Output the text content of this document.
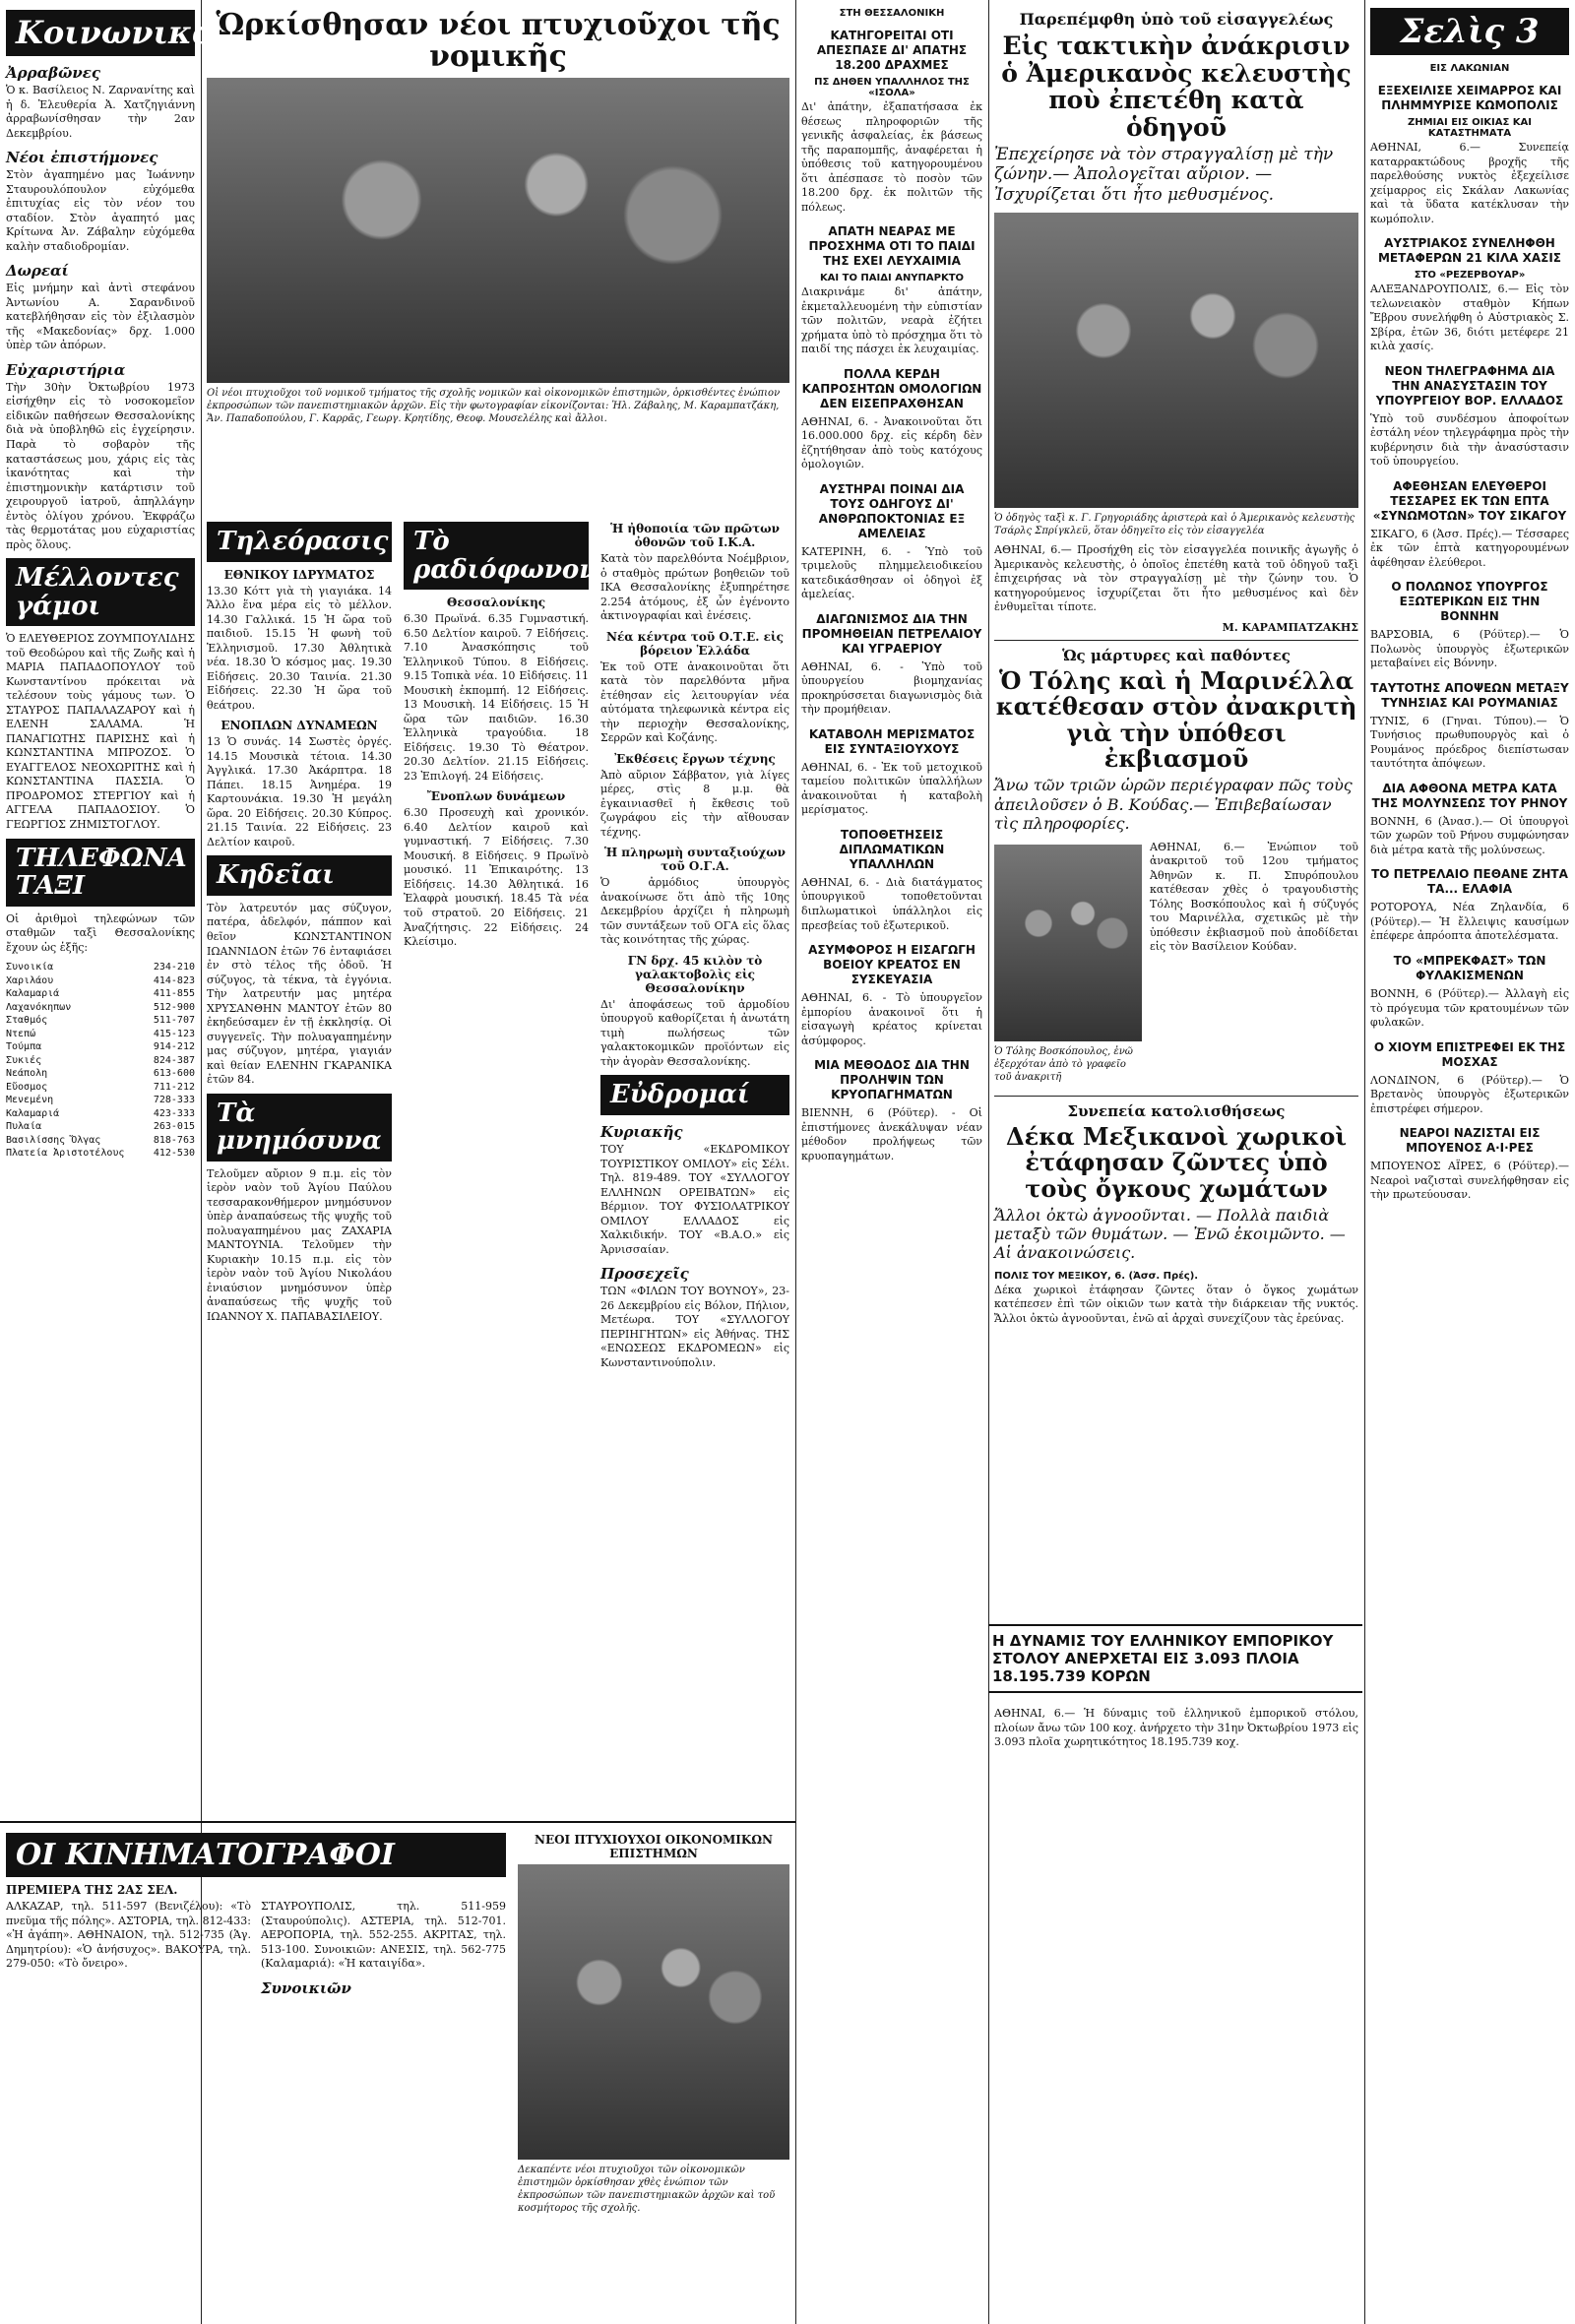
Κοινωνικά
Ἀρραβῶνες

Ὁ κ. Βασίλειος Ν. Ζαρνανίτης καὶ ἡ δ. Ἐλευθερία Ἀ. Χατζηγιάννη ἀρραβωνίσθησαν τὴν 2αν Δεκεμβρίου.

Νέοι ἐπιστήμονες

Στὸν ἀγαπημένο μας Ἰωάννην Σταυρουλόπουλον εὐχόμεθα ἐπιτυχίας εἰς τὸν νέον του σταδίον. Στὸν ἀγαπητό μας Κρίτωνα Ἀν. Ζάβαλην εὐχόμεθα καλὴν σταδιοδρομίαν.

Δωρεαί

Εἰς μνήμην καὶ ἀντὶ στεφάνου Ἀντωνίου Α. Σαρανδινοῦ κατεβλήθησαν εἰς τὸν ἐξιλασμὸν τῆς «Μακεδονίας» δρχ. 1.000 ὑπὲρ τῶν ἀπόρων.

Εὐχαριστήρια

Τὴν 30ὴν Ὀκτωβρίου 1973 εἰσήχθην εἰς τὸ νοσοκομεῖον εἰδικῶν παθήσεων Θεσσαλονίκης διὰ νὰ ὑποβληθῶ εἰς ἐγχείρησιν. Παρὰ τὸ σοβαρὸν τῆς καταστάσεως μου, χάρις εἰς τὰς ἱκανότητας καὶ τὴν ἐπιστημονικὴν κατάρτισιν τοῦ χειρουργοῦ ἰατροῦ, ἀπηλλάγην ἐντὸς ὀλίγου χρόνου. Ἐκφράζω τὰς θερμοτάτας μου εὐχαριστίας πρὸς ὅλους.

Μέλλοντες γάμοι

Ὁ ΕΛΕΥΘΕΡΙΟΣ ΖΟΥΜΠΟΥΛΙΔΗΣ τοῦ Θεοδώρου καὶ τῆς Ζωῆς καὶ ἡ ΜΑΡΙΑ ΠΑΠΑΔΟΠΟΥΛΟΥ τοῦ Κωνσταντίνου πρόκειται νὰ τελέσουν τοὺς γάμους των. Ὁ ΣΤΑΥΡΟΣ ΠΑΠΑΛΑΖΑΡΟΥ καὶ ἡ ΕΛΕΝΗ ΣΑΛΑΜΑ. Ἡ ΠΑΝΑΓΙΩΤΗΣ ΠΑΡΙΣΗΣ καὶ ἡ ΚΩΝΣΤΑΝΤΙΝΑ ΜΠΡΟΖΟΣ. Ὁ ΕΥΑΓΓΕΛΟΣ ΝΕΟΧΩΡΙΤΗΣ καὶ ἡ ΚΩΝΣΤΑΝΤΙΝΑ ΠΑΣΣΙΑ. Ὁ ΠΡΟΔΡΟΜΟΣ ΣΤΕΡΓΙΟΥ καὶ ἡ ΑΓΓΕΛΑ ΠΑΠΑΔΟΣΙΟΥ. Ὁ ΓΕΩΡΓΙΟΣ ΖΗΜΙΣΤΟΓΛΟΥ.

ΤΗΛΕΦΩΝΑ ΤΑΞΙ

Οἱ ἀριθμοὶ τηλεφώνων τῶν σταθμῶν ταξὶ Θεσσαλονίκης ἔχουν ὡς ἑξῆς:

Συνοικία	234-210
Χαριλάου	414-823
Καλαμαριά	411-855
Λαχανόκηπων	512-900
Σταθμός	511-707
Ντεπώ	415-123
Τούμπα	914-212
Συκιές	824-387
Νεάπολη	613-600
Εὔοσμος	711-212
Μενεμένη	728-333
Καλαμαριά	423-333
Πυλαία	263-015
Βασιλίσσης Ὄλγας	818-763
Πλατεία Ἀριστοτέλους	412-530
ΟΙ ΚΙΝΗΜΑΤΟΓΡΑΦΟΙ
ΠΡΕΜΙΕΡΑ ΤΗΣ 2ΑΣ ΣΕΛ.

ΑΛΚΑΖΑΡ, τηλ. 511-597 (Βενιζέλου): «Τὸ πνεῦμα τῆς πόλης». ΑΣΤΟΡΙΑ, τηλ. 812-433: «Ἡ ἀγάπη». ΑΘΗΝΑΙΟΝ, τηλ. 512-735 (Ἁγ. Δημητρίου): «Ὁ ἀνήσυχος». ΒΑΚΟΥΡΑ, τηλ. 279-050: «Τὸ ὄνειρο».

ΣΤΑΥΡΟΥΠΟΛΙΣ, τηλ. 511-959 (Σταυρούπολις). ΑΣΤΕΡΙΑ, τηλ. 512-701. ΑΕΡΟΠΟΡΙΑ, τηλ. 552-255. ΑΚΡΙΤΑΣ, τηλ. 513-100. Συνοικιῶν: ΑΝΕΣΙΣ, τηλ. 562-775 (Καλαμαριά): «Ἡ καταιγίδα».

Συνοικιῶν
Ὡρκίσθησαν νέοι πτυχιοῦχοι τῆς νομικῆς

Οἱ νέοι πτυχιοῦχοι τοῦ νομικοῦ τμήματος τῆς σχολῆς νομικῶν καὶ οἰκονομικῶν ἐπιστημῶν, ὁρκισθέντες ἐνώπιον ἐκπροσώπων τῶν πανεπιστημιακῶν ἀρχῶν. Εἰς τὴν φωτογραφίαν εἰκονίζονται: Ἡλ. Ζάβαλης, Μ. Καραμπατζάκη, Ἄν. Παπαδοπούλου, Γ. Καρρᾶς, Γεωργ. Κρητίδης, Θεοφ. Μουσελέλης καὶ ἄλλοι.

Τηλεόρασις
ΕΘΝΙΚΟΥ ΙΔΡΥΜΑΤΟΣ

13.30 Κόττ γιὰ τὴ γιαγιάκα. 14 Ἄλλο ἕνα μέρα εἰς τὸ μέλλον. 14.30 Γαλλικά. 15 Ἡ ὥρα τοῦ παιδιοῦ. 15.15 Ἡ φωνὴ τοῦ Ἑλληνισμοῦ. 17.30 Ἀθλητικὰ νέα. 18.30 Ὁ κόσμος μας. 19.30 Εἰδήσεις. 20.30 Ταινία. 21.30 Εἰδήσεις. 22.30 Ἡ ὥρα τοῦ θεάτρου.

ΕΝΟΠΛΩΝ ΔΥΝΑΜΕΩΝ

13 Ὁ συνάς. 14 Σωστὲς ὀργές. 14.15 Μουσικὰ τέτοια. 14.30 Ἀγγλικά. 17.30 Ἀκάρπτρα. 18 Πάπει. 18.15 Ἀνημέρα. 19 Καρτουνάκια. 19.30 Ἡ μεγάλη ὥρα. 20 Εἰδήσεις. 20.30 Κύπρος. 21.15 Ταινία. 22 Εἰδήσεις. 23 Δελτίον καιροῦ.

Κηδεῖαι

Τὸν λατρευτόν μας σύζυγον, πατέρα, ἀδελφόν, πάππον καὶ θεῖον ΚΩΝΣΤΑΝΤΙΝΟΝ ΙΩΑΝΝΙΔΟΝ ἐτῶν 76 ἐνταφιάσει ἐν στὸ τέλος τῆς ὁδοῦ. Ἡ σύζυγος, τὰ τέκνα, τὰ ἐγγόνια. Τὴν λατρευτήν μας μητέρα ΧΡΥΣΑΝΘΗΝ ΜΑΝΤΟΥ ἐτῶν 80 ἐκηδεύσαμεν ἐν τῇ ἐκκλησίᾳ. Οἱ συγγενεῖς. Τὴν πολυαγαπημένην μας σύζυγον, μητέρα, γιαγιάν καὶ θείαν ΕΛΕΝΗΝ ΓΚΑΡΑΝΙΚΑ ἐτῶν 84.

Τὰ μνημόσυνα

Τελοῦμεν αὔριον 9 π.μ. εἰς τὸν ἱερὸν ναὸν τοῦ Ἁγίου Παύλου τεσσαρακονθήμερον μνημόσυνον ὑπὲρ ἀναπαύσεως τῆς ψυχῆς τοῦ πολυαγαπημένου μας ΖΑΧΑΡΙΑ ΜΑΝΤΟΥΝΙΑ. Τελοῦμεν τὴν Κυριακὴν 10.15 π.μ. εἰς τὸν ἱερὸν ναὸν τοῦ Ἁγίου Νικολάου ἐνιαύσιον μνημόσυνον ὑπὲρ ἀναπαύσεως τῆς ψυχῆς τοῦ ΙΩΑΝΝΟΥ Χ. ΠΑΠΑΒΑΣΙΛΕΙΟΥ.

Τὸ ραδιόφωνον
Θεσσαλονίκης

6.30 Πρωϊνά. 6.35 Γυμναστική. 6.50 Δελτίον καιροῦ. 7 Εἰδήσεις. 7.10 Ἀνασκόπησις τοῦ Ἑλληνικοῦ Τύπου. 8 Εἰδήσεις. 9.15 Τοπικὰ νέα. 10 Εἰδήσεις. 11 Μουσικὴ ἐκπομπή. 12 Εἰδήσεις. 13 Μουσικὴ. 14 Εἰδήσεις. 15 Ἡ ὥρα τῶν παιδιῶν. 16.30 Ἑλληνικὰ τραγούδια. 18 Εἰδήσεις. 19.30 Τὸ Θέατρον. 20.30 Δελτίον. 21.15 Εἰδήσεις. 23 Ἐπιλογή. 24 Εἰδήσεις.

Ἔνοπλων δυνάμεων

6.30 Προσευχὴ καὶ χρονικόν. 6.40 Δελτίον καιροῦ καὶ γυμναστική. 7 Εἰδήσεις. 7.30 Μουσική. 8 Εἰδήσεις. 9 Πρωϊνὸ μουσικό. 11 Ἐπικαιρότης. 13 Εἰδήσεις. 14.30 Ἀθλητικά. 16 Ἐλαφρὰ μουσική. 18.45 Τὰ νέα τοῦ στρατοῦ. 20 Εἰδήσεις. 21 Ἀναζήτησις. 22 Εἰδήσεις. 24 Κλείσιμο.

Ἡ ἠθοποιία τῶν πρῶτων ὀθονῶν τοῦ Ι.Κ.Α.

Κατὰ τὸν παρελθόντα Νοέμβριον, ὁ σταθμὸς πρώτων βοηθειῶν τοῦ ΙΚΑ Θεσσαλονίκης ἐξυπηρέτησε 2.254 ἀτόμους, ἐξ ὧν ἐγένοντο ἀκτινογραφίαι καὶ ἐνέσεις.

Νέα κέντρα τοῦ Ο.Τ.Ε. εἰς βόρειον Ἑλλάδα

Ἐκ τοῦ ΟΤΕ ἀνακοινοῦται ὅτι κατὰ τὸν παρελθόντα μῆνα ἐτέθησαν εἰς λειτουργίαν νέα αὐτόματα τηλεφωνικὰ κέντρα εἰς τὴν περιοχὴν Θεσσαλονίκης, Σερρῶν καὶ Κοζάνης.

Ἐκθέσεις ἔργων τέχνης

Ἀπὸ αὔριον Σάββατον, γιὰ λίγες μέρες, στὶς 8 μ.μ. θὰ ἐγκαινιασθεῖ ἡ ἔκθεσις τοῦ ζωγράφου εἰς τὴν αἴθουσαν τέχνης.

Ἡ πληρωμὴ συνταξιούχων τοῦ Ο.Γ.Α.

Ὁ ἀρμόδιος ὑπουργὸς ἀνακοίνωσε ὅτι ἀπὸ τῆς 10ης Δεκεμβρίου ἀρχίζει ἡ πληρωμὴ τῶν συντάξεων τοῦ ΟΓΑ εἰς ὅλας τὰς κοινότητας τῆς χώρας.

ΓΝ δρχ. 45 κιλὸν τὸ γαλακτοβολὶς εἰς Θεσσαλονίκην

Δι' ἀποφάσεως τοῦ ἀρμοδίου ὑπουργοῦ καθορίζεται ἡ ἀνωτάτη τιμὴ πωλήσεως τῶν γαλακτοκομικῶν προϊόντων εἰς τὴν ἀγορὰν Θεσσαλονίκης.

Εὐδρομαί
Κυριακῆς

ΤΟΥ «ΕΚΔΡΟΜΙΚΟΥ ΤΟΥΡΙΣΤΙΚΟΥ ΟΜΙΛΟΥ» εἰς Σέλι. Τηλ. 819-489. ΤΟΥ «ΣΥΛΛΟΓΟΥ ΕΛΛΗΝΩΝ ΟΡΕΙΒΑΤΩΝ» εἰς Βέρμιον. ΤΟΥ ΦΥΣΙΟΛΑΤΡΙΚΟΥ ΟΜΙΛΟΥ ΕΛΛΑΔΟΣ εἰς Χαλκιδικήν. ΤΟΥ «Β.Α.Ο.» εἰς Ἀρνισσαίαν.

Προσεχεῖς

ΤΩΝ «ΦΙΛΩΝ ΤΟΥ ΒΟΥΝΟΥ», 23-26 Δεκεμβρίου εἰς Βόλον, Πήλιον, Μετέωρα. ΤΟΥ «ΣΥΛΛΟΓΟΥ ΠΕΡΙΗΓΗΤΩΝ» εἰς Ἀθήνας. ΤΗΣ «ΕΝΩΣΕΩΣ ΕΚΔΡΟΜΕΩΝ» εἰς Κωνσταντινούπολιν.

ΝΕΟΙ ΠΤΥΧΙΟΥΧΟΙ ΟΙΚΟΝΟΜΙΚΩΝ ΕΠΙΣΤΗΜΩΝ

Δεκαπέντε νέοι πτυχιοῦχοι τῶν οἰκονομικῶν ἐπιστημῶν ὁρκίσθησαν χθὲς ἐνώπιον τῶν ἐκπροσώπων τῶν πανεπιστημιακῶν ἀρχῶν καὶ τοῦ κοσμήτορος τῆς σχολῆς.

ΣΤΗ ΘΕΣΣΑΛΟΝΙΚΗ
ΚΑΤΗΓΟΡΕΙΤΑΙ ΟΤΙ ΑΠΕΣΠΑΣΕ ΔΙ' ΑΠΑΤΗΣ 18.200 ΔΡΑΧΜΕΣ
ΠΣ ΔΗΘΕΝ ΥΠΑΛΛΗΛΟΣ ΤΗΣ «ΙΣΟΛΑ»

Δι' ἀπάτην, ἐξαπατήσασα ἐκ θέσεως πληροφοριῶν τῆς γενικῆς ἀσφαλείας, ἐκ βάσεως τῆς παραπομπῆς, ἀναφέρεται ἡ ὑπόθεσις τοῦ κατηγορουμένου ὅτι ἀπέσπασε τὸ ποσὸν τῶν 18.200 δρχ. ἐκ πολιτῶν τῆς πόλεως.

ΑΠΑΤΗ ΝΕΑΡΑΣ ΜΕ ΠΡΟΣΧΗΜΑ ΟΤΙ ΤΟ ΠΑΙΔΙ ΤΗΣ ΕΧΕΙ ΛΕΥΧΑΙΜΙΑ
ΚΑΙ ΤΟ ΠΑΙΔΙ ΑΝΥΠΑΡΚΤΟ

Διακρινάμε δι' ἀπάτην, ἐκμεταλλευομένη τὴν εὐπιστίαν τῶν πολιτῶν, νεαρὰ ἐζήτει χρήματα ὑπὸ τὸ πρόσχημα ὅτι τὸ παιδί της πάσχει ἐκ λευχαιμίας.

ΠΟΛΛΑ ΚΕΡΔΗ ΚΑΠΡΟΣΗΤΩΝ ΟΜΟΛΟΓΙΩΝ ΔΕΝ ΕΙΣΕΠΡΑΧΘΗΣΑΝ

ΑΘΗΝΑΙ, 6. - Ἀνακοινοῦται ὅτι 16.000.000 δρχ. εἰς κέρδη δὲν ἐζητήθησαν ἀπὸ τοὺς κατόχους ὁμολογιῶν.

ΑΥΣΤΗΡΑΙ ΠΟΙΝΑΙ ΔΙΑ ΤΟΥΣ ΟΔΗΓΟΥΣ ΔΙ' ΑΝΘΡΩΠΟΚΤΟΝΙΑΣ ΕΞ ΑΜΕΛΕΙΑΣ

ΚΑΤΕΡΙΝΗ, 6. - Ὑπὸ τοῦ τριμελοῦς πλημμελειοδικείου κατεδικάσθησαν οἱ ὁδηγοὶ ἐξ ἀμελείας.

ΔΙΑΓΩΝΙΣΜΟΣ ΔΙΑ ΤΗΝ ΠΡΟΜΗΘΕΙΑΝ ΠΕΤΡΕΛΑΙΟΥ ΚΑΙ ΥΓΡΑΕΡΙΟΥ

ΑΘΗΝΑΙ, 6. - Ὑπὸ τοῦ ὑπουργείου βιομηχανίας προκηρύσσεται διαγωνισμὸς διὰ τὴν προμήθειαν.

ΚΑΤΑΒΟΛΗ ΜΕΡΙΣΜΑΤΟΣ ΕΙΣ ΣΥΝΤΑΞΙΟΥΧΟΥΣ

ΑΘΗΝΑΙ, 6. - Ἐκ τοῦ μετοχικοῦ ταμείου πολιτικῶν ὑπαλλήλων ἀνακοινοῦται ἡ καταβολὴ μερίσματος.

ΤΟΠΟΘΕΤΗΣΕΙΣ ΔΙΠΛΩΜΑΤΙΚΩΝ ΥΠΑΛΛΗΛΩΝ

ΑΘΗΝΑΙ, 6. - Διὰ διατάγματος ὑπουργικοῦ τοποθετοῦνται διπλωματικοὶ ὑπάλληλοι εἰς πρεσβείας τοῦ ἐξωτερικοῦ.

ΑΣΥΜΦΟΡΟΣ Η ΕΙΣΑΓΩΓΗ ΒΟΕΙΟΥ ΚΡΕΑΤΟΣ ΕΝ ΣΥΣΚΕΥΑΣΙΑ

ΑΘΗΝΑΙ, 6. - Τὸ ὑπουργεῖον ἐμπορίου ἀνακοινοῖ ὅτι ἡ εἰσαγωγὴ κρέατος κρίνεται ἀσύμφορος.

ΜΙΑ ΜΕΘΟΔΟΣ ΔΙΑ ΤΗΝ ΠΡΟΛΗΨΙΝ ΤΩΝ ΚΡΥΟΠΑΓΗΜΑΤΩΝ

ΒΙΕΝΝΗ, 6 (Ρόϋτερ). - Οἱ ἐπιστήμονες ἀνεκάλυψαν νέαν μέθοδον προλήψεως τῶν κρυοπαγημάτων.

Παρεπέμφθη ὑπὸ τοῦ εἰσαγγελέως
Εἰς τακτικὴν ἀνάκρισιν ὁ Ἀμερικανὸς κελευστὴς ποὺ ἐπετέθη κατὰ ὁδηγοῦ
Ἐπεχείρησε νὰ τὸν στραγγαλίσῃ μὲ τὴν ζώνην.— Ἀπολογεῖται αὔριον. — Ἰσχυρίζεται ὅτι ἦτο μεθυσμένος.

Ὁ ὁδηγὸς ταξὶ κ. Γ. Γρηγοριάδης ἀριστερὰ καὶ ὁ Ἀμερικανὸς κελευστὴς Τσάρλς Σπρίγκλεϋ, ὅταν ὁδηγεῖτο εἰς τὸν εἰσαγγελέα

ΑΘΗΝΑΙ, 6.— Προσήχθη εἰς τὸν εἰσαγγελέα ποινικῆς ἀγωγῆς ὁ Ἀμερικανὸς κελευστὴς, ὁ ὁποῖος ἐπετέθη κατὰ τοῦ ὁδηγοῦ ταξὶ ἐπιχειρήσας νὰ τὸν στραγγαλίσῃ μὲ τὴν ζώνην του. Ὁ κατηγορούμενος ἰσχυρίζεται ὅτι ἦτο μεθυσμένος καὶ δὲν ἐνθυμεῖται τίποτε.

Μ. ΚΑΡΑΜΠΑΤΖΑΚΗΣ
Ὡς μάρτυρες καὶ παθόντες
Ὁ Τόλης καὶ ἡ Μαρινέλλα κατέθεσαν στὸν ἀνακριτὴ γιὰ τὴν ὑπόθεσι ἐκβιασμοῦ
Ἄνω τῶν τριῶν ὡρῶν περιέγραφαν πῶς τοὺς ἀπειλοῦσεν ὁ Β. Κούδας.— Ἐπιβεβαίωσαν τὶς πληροφορίες.

Ὁ Τόλης Βοσκόπουλος, ἐνῶ ἐξερχόταν ἀπὸ τὸ γραφεῖο τοῦ ἀνακριτῆ

ΑΘΗΝΑΙ, 6.— Ἐνώπιον τοῦ ἀνακριτοῦ τοῦ 12ου τμήματος Ἀθηνῶν κ. Π. Σπυρόπουλου κατέθεσαν χθὲς ὁ τραγουδιστὴς Τόλης Βοσκόπουλος καὶ ἡ σύζυγός του Μαρινέλλα, σχετικῶς μὲ τὴν ὑπόθεσιν ἐκβιασμοῦ ποὺ ἀποδίδεται εἰς τὸν Βασίλειον Κούδαν.

Συνεπεία κατολισθήσεως
Δέκα Μεξικανοὶ χωρικοὶ ἐτάφησαν ζῶντες ὑπὸ τοὺς ὄγκους χωμάτων
Ἄλλοι ὀκτὼ ἀγνοοῦνται. — Πολλὰ παιδιὰ μεταξὺ τῶν θυμάτων. — Ἐνῶ ἐκοιμῶντο. — Αἱ ἀνακοινώσεις.
ΠΟΛΙΣ ΤΟΥ ΜΕΞΙΚΟΥ, 6. (Ἀσσ. Πρές).

Δέκα χωρικοὶ ἐτάφησαν ζῶντες ὅταν ὁ ὄγκος χωμάτων κατέπεσεν ἐπὶ τῶν οἰκιῶν των κατὰ τὴν διάρκειαν τῆς νυκτός. Ἄλλοι ὀκτὼ ἀγνοοῦνται, ἐνῶ αἱ ἀρχαὶ συνεχίζουν τὰς ἐρεύνας.

Η ΔΥΝΑΜΙΣ ΤΟΥ ΕΛΛΗΝΙΚΟΥ ΕΜΠΟΡΙΚΟΥ ΣΤΟΛΟΥ ΑΝΕΡΧΕΤΑΙ ΕΙΣ 3.093 ΠΛΟΙΑ 18.195.739 ΚΟΡΩΝ

ΑΘΗΝΑΙ, 6.— Ἡ δύναμις τοῦ ἑλληνικοῦ ἐμπορικοῦ στόλου, πλοίων ἄνω τῶν 100 κοχ. ἀνήρχετο τὴν 31ην Ὀκτωβρίου 1973 εἰς 3.093 πλοῖα χωρητικότητος 18.195.739 κοχ.

Σελὶς 3
ΕΙΣ ΛΑΚΩΝΙΑΝ
ΕΞΕΧΕΙΛΙΣΕ ΧΕΙΜΑΡΡΟΣ ΚΑΙ ΠΛΗΜΜΥΡΙΣΕ ΚΩΜΟΠΟΛΙΣ
ΖΗΜΙΑΙ ΕΙΣ ΟΙΚΙΑΣ ΚΑΙ ΚΑΤΑΣΤΗΜΑΤΑ

ΑΘΗΝΑΙ, 6.— Συνεπείᾳ καταρρακτώδους βροχῆς τῆς παρελθούσης νυκτὸς ἐξεχείλισε χείμαρρος εἰς Σκάλαν Λακωνίας καὶ τὰ ὕδατα κατέκλυσαν τὴν κωμόπολιν.

ΑΥΣΤΡΙΑΚΟΣ ΣΥΝΕΛΗΦΘΗ ΜΕΤΑΦΕΡΩΝ 21 ΚΙΛΑ ΧΑΣΙΣ
ΣΤΟ «ΡΕΖΕΡΒΟΥΑΡ»

ΑΛΕΞΑΝΔΡΟΥΠΟΛΙΣ, 6.— Εἰς τὸν τελωνειακὸν σταθμὸν Κήπων Ἔβρου συνελήφθη ὁ Αὐστριακὸς Σ. Σβίρα, ἐτῶν 36, διότι μετέφερε 21 κιλὰ χασίς.

ΝΕΟΝ ΤΗΛΕΓΡΑΦΗΜΑ ΔΙΑ ΤΗΝ ΑΝΑΣΥΣΤΑΣΙΝ ΤΟΥ ΥΠΟΥΡΓΕΙΟΥ ΒΟΡ. ΕΛΛΑΔΟΣ

Ὑπὸ τοῦ συνδέσμου ἀποφοίτων ἐστάλη νέον τηλεγράφημα πρὸς τὴν κυβέρνησιν διὰ τὴν ἀνασύστασιν τοῦ ὑπουργείου.

ΑΦΕΘΗΣΑΝ ΕΛΕΥΘΕΡΟΙ ΤΕΣΣΑΡΕΣ ΕΚ ΤΩΝ ΕΠΤΑ «ΣΥΝΩΜΟΤΩΝ» ΤΟΥ ΣΙΚΑΓΟΥ

ΣΙΚΑΓΟ, 6 (Ἀσσ. Πρές).— Τέσσαρες ἐκ τῶν ἑπτὰ κατηγορουμένων ἀφέθησαν ἐλεύθεροι.

Ο ΠΟΛΩΝΟΣ ΥΠΟΥΡΓΟΣ ΕΞΩΤΕΡΙΚΩΝ ΕΙΣ ΤΗΝ ΒΟΝΝΗΝ

ΒΑΡΣΟΒΙΑ, 6 (Ρόϋτερ).— Ὁ Πολωνὸς ὑπουργὸς ἐξωτερικῶν μεταβαίνει εἰς Βόννην.

ΤΑΥΤΟΤΗΣ ΑΠΟΨΕΩΝ ΜΕΤΑΞΥ ΤΥΝΗΣΙΑΣ ΚΑΙ ΡΟΥΜΑΝΙΑΣ

ΤΥΝΙΣ, 6 (Γηναι. Τύπου).— Ὁ Τυνήσιος πρωθυπουργὸς καὶ ὁ Ρουμάνος πρόεδρος διεπίστωσαν ταυτότητα ἀπόψεων.

ΔΙΑ ΑΦΘΟΝΑ ΜΕΤΡΑ ΚΑΤΑ ΤΗΣ ΜΟΛΥΝΣΕΩΣ ΤΟΥ ΡΗΝΟΥ

ΒΟΝΝΗ, 6 (Ἀνασ.).— Οἱ ὑπουργοὶ τῶν χωρῶν τοῦ Ρήνου συμφώνησαν διὰ μέτρα κατὰ τῆς μολύνσεως.

ΤΟ ΠΕΤΡΕΛΑΙΟ ΠΕΘΑΝΕ ΖΗΤΑ ΤΑ... ΕΛΑΦΙΑ

ΡΟΤΟΡΟΥΑ, Νέα Ζηλανδία, 6 (Ρόϋτερ).— Ἡ ἔλλειψις καυσίμων ἐπέφερε ἀπρόοπτα ἀποτελέσματα.

ΤΟ «ΜΠΡΕΚΦΑΣΤ» ΤΩΝ ΦΥΛΑΚΙΣΜΕΝΩΝ

ΒΟΝΝΗ, 6 (Ρόϋτερ).— Ἀλλαγὴ εἰς τὸ πρόγευμα τῶν κρατουμένων τῶν φυλακῶν.

Ο ΧΙΟΥΜ ΕΠΙΣΤΡΕΦΕΙ ΕΚ ΤΗΣ ΜΟΣΧΑΣ

ΛΟΝΔΙΝΟΝ, 6 (Ρόϋτερ).— Ὁ Βρετανὸς ὑπουργὸς ἐξωτερικῶν ἐπιστρέφει σήμερον.

ΝΕΑΡΟΙ ΝΑΖΙΣΤΑΙ ΕΙΣ ΜΠΟΥΕΝΟΣ Α·Ι·ΡΕΣ

ΜΠΟΥΕΝΟΣ ΑΪΡΕΣ, 6 (Ρόϋτερ).— Νεαροὶ ναζισταὶ συνελήφθησαν εἰς τὴν πρωτεύουσαν.
